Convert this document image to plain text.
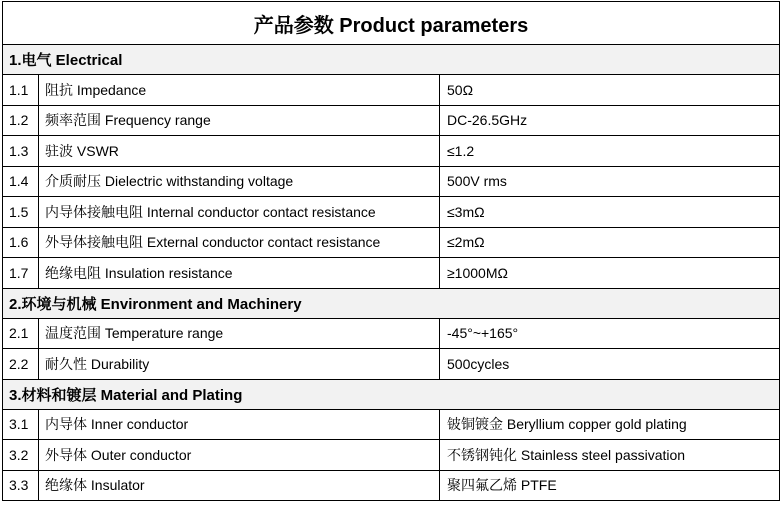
产品参数 Product parameters
1.电气 Electrical
1.1	阻抗 Impedance	50Ω
1.2	频率范围 Frequency range	DC-26.5GHz
1.3	驻波 VSWR	≤1.2
1.4	介质耐压 Dielectric withstanding voltage	500V rms
1.5	内导体接触电阻 Internal conductor contact resistance	≤3mΩ
1.6	外导体接触电阻 External conductor contact resistance	≤2mΩ
1.7	绝缘电阻 Insulation resistance	≥1000MΩ
2.环境与机械 Environment and Machinery
2.1	温度范围 Temperature range	-45°~+165°
2.2	耐久性 Durability	500cycles
3.材料和镀层 Material and Plating
3.1	内导体 Inner conductor	铍铜镀金 Beryllium copper gold plating
3.2	外导体 Outer conductor	不锈钢钝化 Stainless steel passivation
3.3	绝缘体 Insulator	聚四氟乙烯 PTFE
